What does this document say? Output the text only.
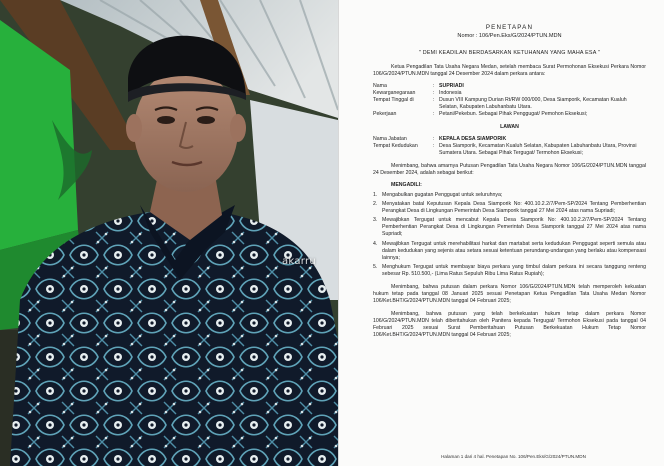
akarru
PENETAPAN
Nomor : 106/Pen.Eks/G/2024/PTUN.MDN
" DEMI KEADILAN BERDASARKAN KETUHANAN YANG MAHA ESA "

Ketua Pengadilan Tata Usaha Negara Medan, setelah membaca Surat Permohonan Eksekusi Perkara Nomor 106/G/2024/PTUN.MDN tanggal 24 Desember 2024 dalam perkara antara:

Nama	: SUPRIADI
Kewarganegaraan	: Indonesia
Tempat Tinggal di	: Dusun VIII Kampung Durian Rt/RW 000/000, Desa Siamporik, Kecamatan Kualuh Selatan, Kabupaten Labuhanbatu Utara.
Pekerjaan	: Petani/Pekebun. Sebagai Pihak Penggugat/ Pemohon Eksekusi;
LAWAN
Nama Jabatan	: KEPALA DESA SIAMPORIK
Tempat Kedudukan	: Desa Siamporik, Kecamatan Kualuh Selatan, Kabupaten Labuhanbatu Utara, Provinsi Sumatera Utara. Sebagai Pihak Tergugat/ Termohon Eksekusi;

Menimbang, bahwa amarnya Putusan Pengadilan Tata Usaha Negara Nomor 106/G/2024/PTUN.MDN tanggal 24 Desember 2024, adalah sebagai berikut:

MENGADILI:
1. Mengabulkan gugatan Penggugat untuk seluruhnya;
2. Menyatakan batal Keputusan Kepala Desa Siamporik No: 400.10.2.2/7/Pem-SP/2024 Tentang Pemberhentian Perangkat Desa di Lingkungan Pemerintah Desa Siamporik tanggal 27 Mei 2024 atas nama Supriadi;
3. Mewajibkan Tergugat untuk mencabut Kepala Desa Siamporik No: 400.10.2.2/7/Pem-SP/2024 Tentang Pemberhentian Perangkat Desa di Lingkungan Pemerintah Desa Siamporik tanggal 27 Mei 2024 atas nama Supriadi;
4. Mewajibkan Tergugat untuk merehabilitasi harkat dan martabat serta kedudukan Penggugat seperti semula atau dalam kedudukan yang sejenis atau setara sesuai ketentuan perundang-undangan yang berlaku atau kompensasi lainnya;
5. Menghukum Tergugat untuk membayar biaya perkara yang timbul dalam perkara ini secara tanggung renteng sebesar Rp. 510.500,- (Lima Ratus Sepuluh Ribu Lima Ratus Rupiah);

Menimbang, bahwa putusan dalam perkara Nomor 106/G/2024/PTUN.MDN telah memperoleh kekuatan hukum tetap pada tanggal 08 Januari 2025 sesuai Penetapan Ketua Pengadilan Tata Usaha Medan Nomor 106/Ket.BHT/G/2024/PTUN.MDN tanggal 04 Februari 2025;

Menimbang, bahwa putusan yang telah berkekuatan hukum tetap dalam perkara Nomor 106/G/2024/PTUN.MDN telah diberitahukan oleh Panitera kepada Tergugat/ Termohon Eksekusi pada tanggal 04 Februari 2025 sesuai Surat Pemberitahuan Putusan Berkekuatan Hukum Tetap Nomor 106/Ket.BHT/G/2024/PTUN.MDN tanggal 04 Februari 2025;

Halaman 1 dari 4 hal. Penetapan No. 106/Pen.Eks/G/2024/PTUN.MDN
